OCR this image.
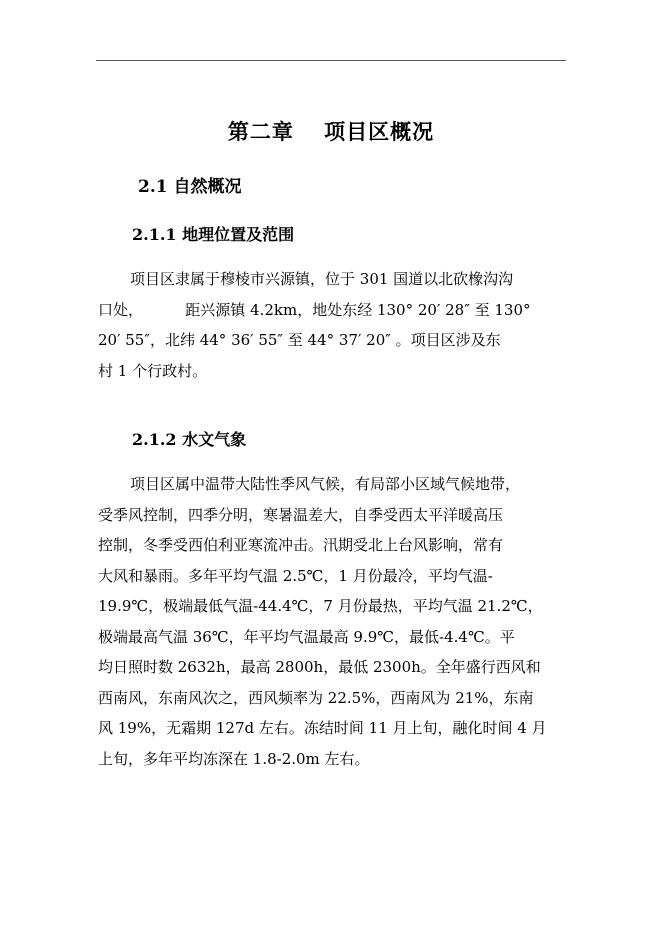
第二章　 项目区概况
2.1 自然概况
2.1.1 地理位置及范围
项目区隶属于穆棱市兴源镇，位于 301 国道以北砍橡沟沟
口处，　　　 距兴源镇 4.2km，地处东经 130° 20′ 28″ 至 130°
20′ 55″，北纬 44° 36′ 55″ 至 44° 37′ 20″ 。项目区涉及东
村 1 个行政村。
2.1.2 水文气象
项目区属中温带大陆性季风气候，有局部小区域气候地带，
受季风控制，四季分明，寒暑温差大，自季受西太平洋暖高压
控制，冬季受西伯利亚寒流冲击。汛期受北上台风影响，常有
大风和暴雨。多年平均气温 2.5℃，1 月份最冷，平均气温-
19.9℃，极端最低气温-44.4℃，7 月份最热，平均气温 21.2℃，
极端最高气温 36℃，年平均气温最高 9.9℃，最低-4.4℃。平
均日照时数 2632h，最高 2800h，最低 2300h。全年盛行西风和
西南风，东南风次之，西风频率为 22.5%，西南风为 21%，东南
风 19%，无霜期 127d 左右。冻结时间 11 月上旬，融化时间 4 月
上旬，多年平均冻深在 1.8-2.0m 左右。
